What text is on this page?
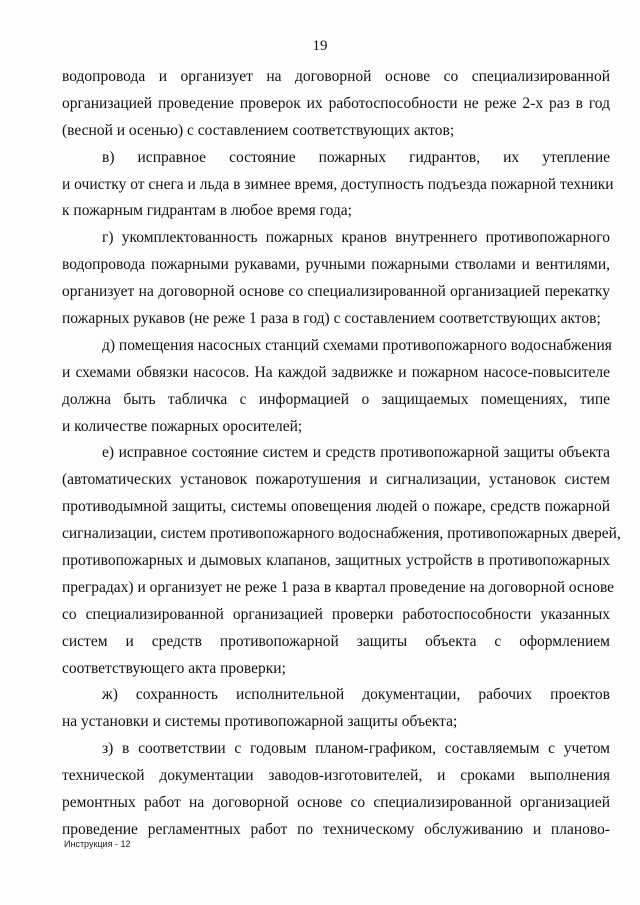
19
водопровода и организует на договорной основе со специализированной
организацией проведение проверок их работоспособности не реже 2-х раз в год
(весной и осенью) с составлением соответствующих актов;
в) исправное состояние пожарных гидрантов, их утепление
и очистку от снега и льда в зимнее время, доступность подъезда пожарной техники
к пожарным гидрантам в любое время года;
г) укомплектованность пожарных кранов внутреннего противопожарного
водопровода пожарными рукавами, ручными пожарными стволами и вентилями,
организует на договорной основе со специализированной организацией перекатку
пожарных рукавов (не реже 1 раза в год) с составлением соответствующих актов;
д) помещения насосных станций схемами противопожарного водоснабжения
и схемами обвязки насосов. На каждой задвижке и пожарном насосе-повысителе
должна быть табличка с информацией о защищаемых помещениях, типе
и количестве пожарных оросителей;
е) исправное состояние систем и средств противопожарной защиты объекта
(автоматических установок пожаротушения и сигнализации, установок систем
противодымной защиты, системы оповещения людей о пожаре, средств пожарной
сигнализации, систем противопожарного водоснабжения, противопожарных дверей,
противопожарных и дымовых клапанов, защитных устройств в противопожарных
преградах) и организует не реже 1 раза в квартал проведение на договорной основе
со специализированной организацией проверки работоспособности указанных
систем и средств противопожарной защиты объекта с оформлением
соответствующего акта проверки;
ж) сохранность исполнительной документации, рабочих проектов
на установки и системы противопожарной защиты объекта;
з) в соответствии с годовым планом-графиком, составляемым с учетом
технической документации заводов-изготовителей, и сроками выполнения
ремонтных работ на договорной основе со специализированной организацией
проведение регламентных работ по техническому обслуживанию и планово-
Инструкция - 12
